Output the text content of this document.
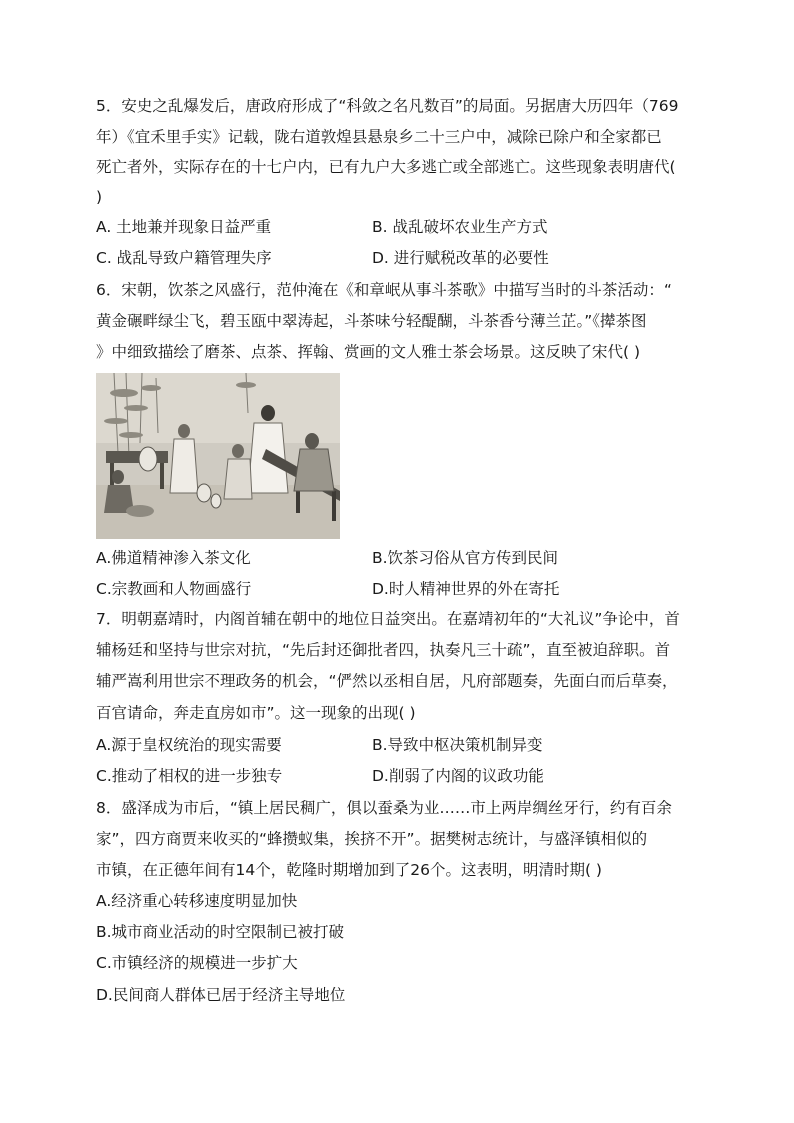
5．安史之乱爆发后，唐政府形成了“科敛之名凡数百”的局面。另据唐大历四年（769
年）《宜禾里手实》记载，陇右道敦煌县悬泉乡二十三户中，减除已除户和全家都已
死亡者外，实际存在的十七户内，已有九户大多逃亡或全部逃亡。这些现象表明唐代(
)
A. 土地兼并现象日益严重	B. 战乱破坏农业生产方式
C. 战乱导致户籍管理失序	D. 进行赋税改革的必要性
6．宋朝，饮茶之风盛行，范仲淹在《和章岷从事斗茶歌》中描写当时的斗茶活动：“
黄金碾畔绿尘飞，碧玉瓯中翠涛起，斗茶味兮轻醍醐，斗茶香兮薄兰芷。”《撵茶图
》中细致描绘了磨茶、点茶、挥翰、赏画的文人雅士茶会场景。这反映了宋代( )
A.佛道精神渗入茶文化	B.饮茶习俗从官方传到民间
C.宗教画和人物画盛行	D.时人精神世界的外在寄托
7．明朝嘉靖时，内阁首辅在朝中的地位日益突出。在嘉靖初年的“大礼议”争论中，首
辅杨廷和坚持与世宗对抗，“先后封还御批者四，执奏凡三十疏”，直至被迫辞职。首
辅严嵩利用世宗不理政务的机会，“俨然以丞相自居，凡府部题奏，先面白而后草奏，
百官请命，奔走直房如市”。这一现象的出现( )
A.源于皇权统治的现实需要	B.导致中枢决策机制异变
C.推动了相权的进一步独专	D.削弱了内阁的议政功能
8．盛泽成为市后，“镇上居民稠广，俱以蚕桑为业……市上两岸绸丝牙行，约有百余
家”，四方商贾来收买的“蜂攒蚁集，挨挤不开”。据樊树志统计，与盛泽镇相似的
市镇，在正德年间有14个，乾隆时期增加到了26个。这表明，明清时期( )
A.经济重心转移速度明显加快
B.城市商业活动的时空限制已被打破
C.市镇经济的规模进一步扩大
D.民间商人群体已居于经济主导地位
